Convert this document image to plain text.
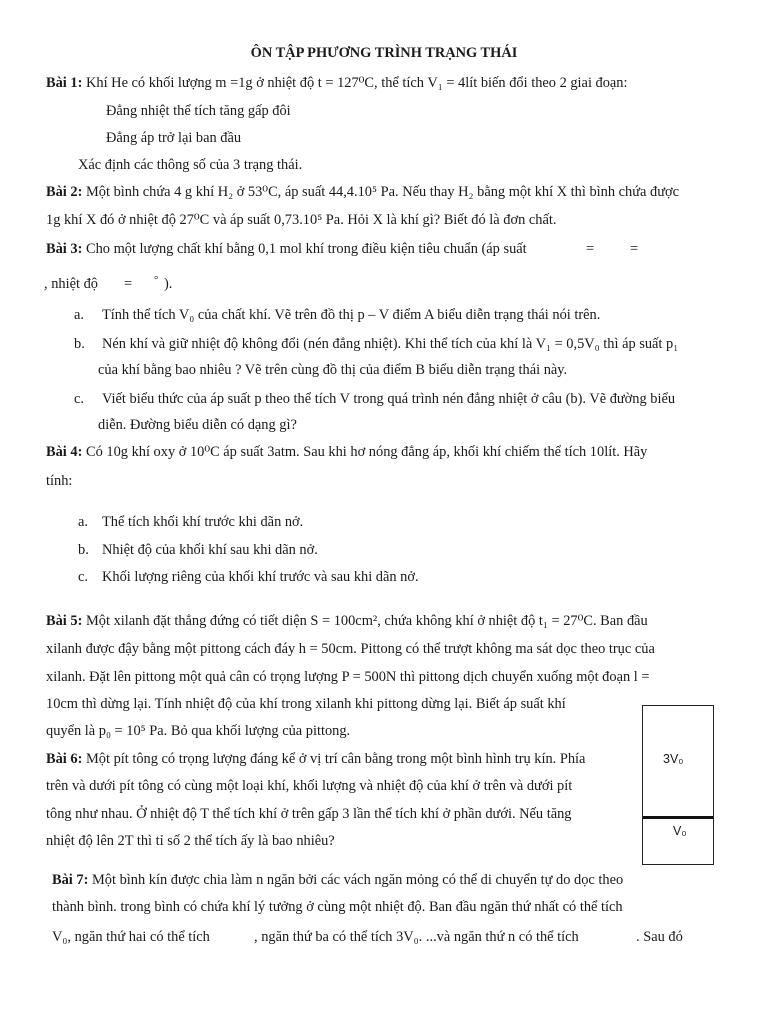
ÔN TẬP PHƯƠNG TRÌNH TRẠNG THÁI
Bài 1: Khí He có khối lượng m =1g ở nhiệt độ t = 127⁰C, thể tích V₁ = 4lít biến đổi theo 2 giai đoạn:
Đẳng nhiệt thể tích tăng gấp đôi
Đẳng áp trở lại ban đầu
Xác định các thông số của 3 trạng thái.
Bài 2: Một bình chứa 4 g khí H₂ ở 53⁰C, áp suất 44,4.10⁵ Pa. Nếu thay H₂ bằng một khí X thì bình chứa được
1g khí X đó ở nhiệt độ 27⁰C và áp suất 0,73.10⁵ Pa. Hỏi X là khí gì? Biết đó là đơn chất.
Bài 3: Cho một lượng chất khí bằng 0,1 mol khí trong điều kiện tiêu chuẩn (áp suất	= =
, nhiệt độ = ° ).
a. Tính thể tích V₀ của chất khí. Vẽ trên đồ thị p – V điểm A biểu diễn trạng thái nói trên.
b. Nén khí và giữ nhiệt độ không đổi (nén đẳng nhiệt). Khi thể tích của khí là V₁ = 0,5V₀ thì áp suất p₁
của khí bằng bao nhiêu ? Vẽ trên cùng đồ thị của điểm B biểu diễn trạng thái này.
c. Viết biểu thức của áp suất p theo thể tích V trong quá trình nén đẳng nhiệt ở câu (b). Vẽ đường biểu
diễn. Đường biểu diễn có dạng gì?
Bài 4: Có 10g khí oxy ở 10⁰C áp suất 3atm. Sau khi hơ nóng đẳng áp, khối khí chiếm thể tích 10lít. Hãy
tính:
a. Thể tích khối khí trước khi dãn nở.
b. Nhiệt độ của khối khí sau khi dãn nở.
c. Khối lượng riêng của khối khí trước và sau khi dãn nở.
Bài 5: Một xilanh đặt thẳng đứng có tiết diện S = 100cm², chứa không khí ở nhiệt độ t₁ = 27⁰C. Ban đầu
xilanh được đậy bằng một pittong cách đáy h = 50cm. Pittong có thể trượt không ma sát dọc theo trục của
xilanh. Đặt lên pittong một quả cân có trọng lượng P = 500N thì pittong dịch chuyển xuống một đoạn l =
10cm thì dừng lại. Tính nhiệt độ của khí trong xilanh khi pittong dừng lại. Biết áp suất khí
quyển là p₀ = 10⁵ Pa. Bỏ qua khối lượng của pittong.
Bài 6: Một pít tông có trọng lượng đáng kể ở vị trí cân bằng trong một bình hình trụ kín. Phía
trên và dưới pít tông có cùng một loại khí, khối lượng và nhiệt độ của khí ở trên và dưới pít
tông như nhau. Ở nhiệt độ T thể tích khí ở trên gấp 3 lần thể tích khí ở phần dưới. Nếu tăng
nhiệt độ lên 2T thì tỉ số 2 thể tích ấy là bao nhiêu?
3V₀
V₀
Bài 7: Một bình kín được chia làm n ngăn bởi các vách ngăn mỏng có thể di chuyển tự do dọc theo
thành bình. trong bình có chứa khí lý tưởng ở cùng một nhiệt độ. Ban đầu ngăn thứ nhất có thể tích
V₀, ngăn thứ hai có thể tích	, ngăn thứ ba có thể tích 3V₀. ...và ngăn thứ n có thể tích	. Sau đó
